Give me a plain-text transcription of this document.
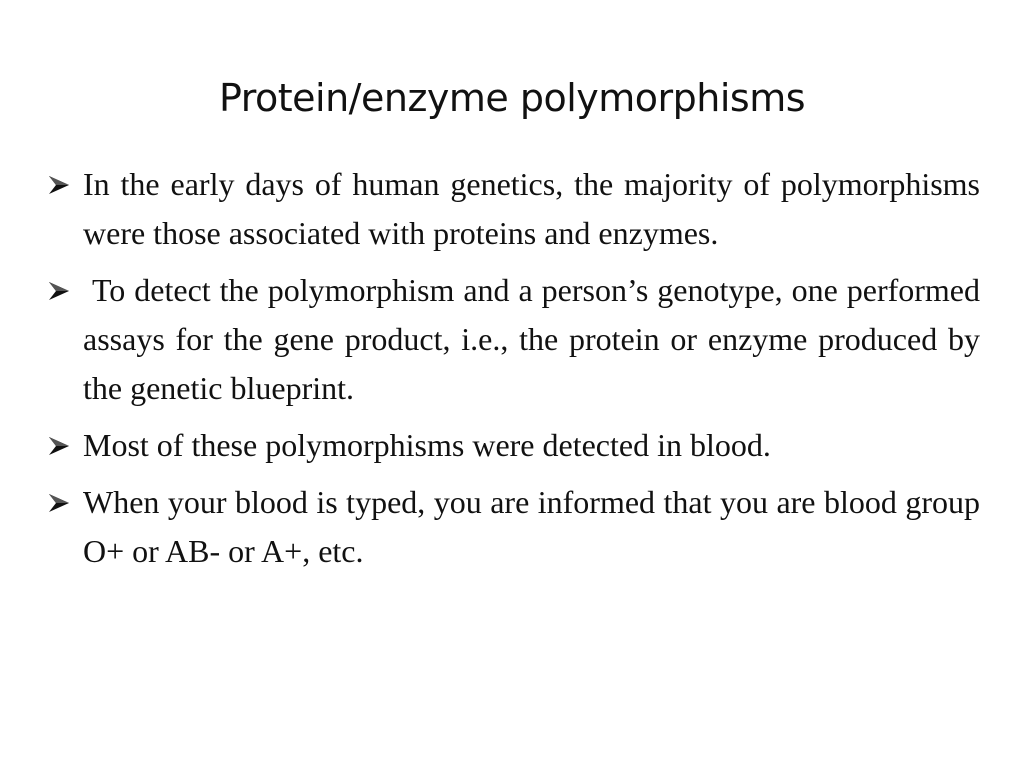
Protein/enzyme polymorphisms
In the early days of human genetics, the majority of polymorphisms were those associated with proteins and enzymes.
To detect the polymorphism and a person’s genotype, one performed assays for the gene product, i.e., the protein or enzyme produced by the genetic blueprint.
Most of these polymorphisms were detected in blood.
When your blood is typed, you are informed that you are blood group O+ or AB- or A+, etc.
